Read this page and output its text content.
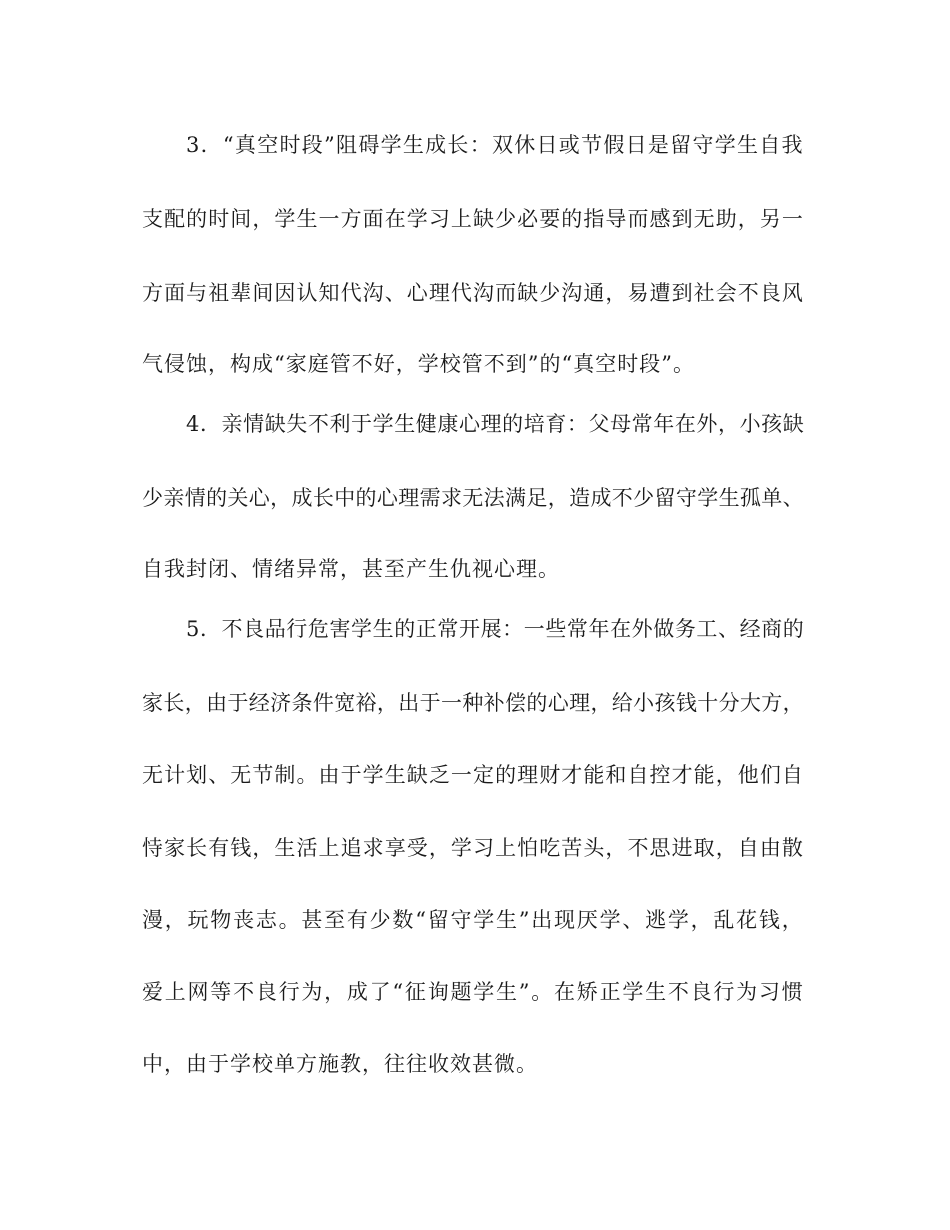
3．“真空时段”阻碍学生成长：双休日或节假日是留守学生自我
支配的时间，学生一方面在学习上缺少必要的指导而感到无助，另一
方面与祖辈间因认知代沟、心理代沟而缺少沟通，易遭到社会不良风
气侵蚀，构成“家庭管不好，学校管不到”的“真空时段”。
4．亲情缺失不利于学生健康心理的培育：父母常年在外，小孩缺
少亲情的关心，成长中的心理需求无法满足，造成不少留守学生孤单、
自我封闭、情绪异常，甚至产生仇视心理。
5．不良品行危害学生的正常开展：一些常年在外做务工、经商的
家长，由于经济条件宽裕，出于一种补偿的心理，给小孩钱十分大方，
无计划、无节制。由于学生缺乏一定的理财才能和自控才能，他们自
恃家长有钱，生活上追求享受，学习上怕吃苦头，不思进取，自由散
漫，玩物丧志。甚至有少数“留守学生”出现厌学、逃学，乱花钱，
爱上网等不良行为，成了“征询题学生”。在矫正学生不良行为习惯
中，由于学校单方施教，往往收效甚微。
